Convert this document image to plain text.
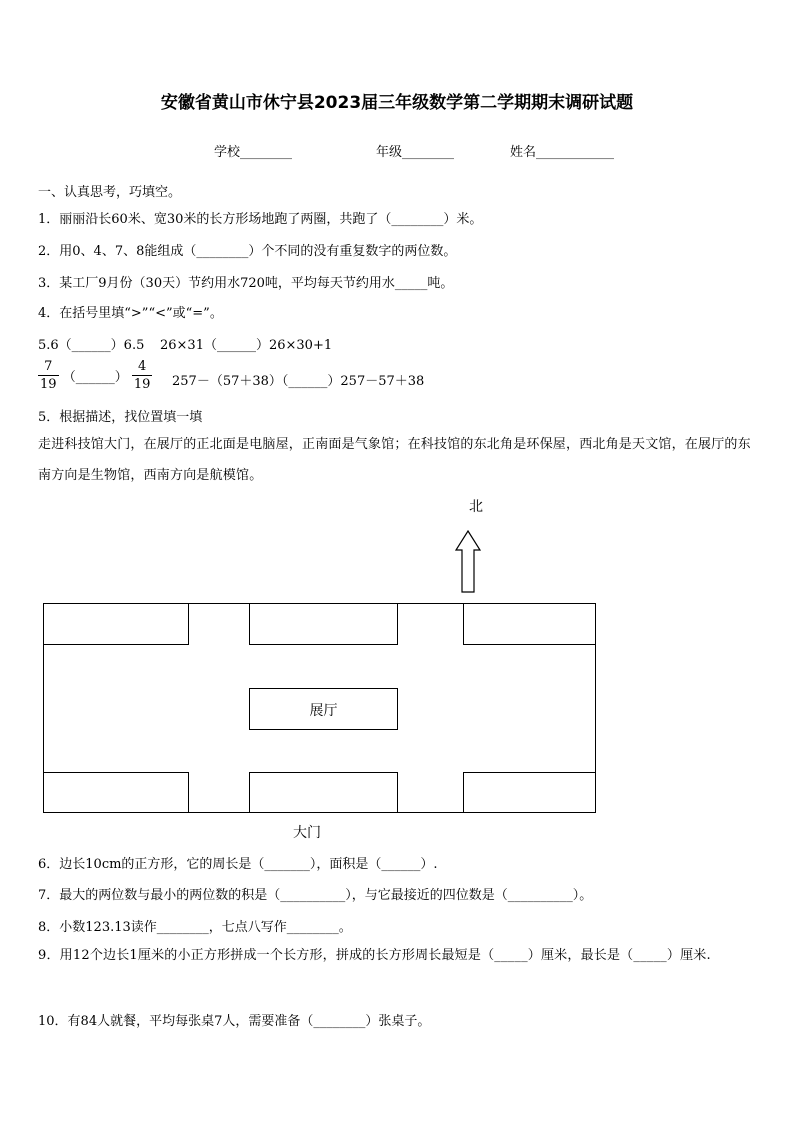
安徽省黄山市休宁县2023届三年级数学第二学期期末调研试题
学校________	年级________	姓名____________
一、认真思考，巧填空。
1．丽丽沿长60米、宽30米的长方形场地跑了两圈，共跑了（________）米。
2．用0、4、7、8能组成（________）个不同的没有重复数字的两位数。
3．某工厂9月份（30天）节约用水720吨，平均每天节约用水_____吨。
4．在括号里填“>”“<”或“=”。
5.6（______）6.5 26×31（______）26×30+1
$\frac{7}{19}$ （______） $\frac{4}{19}$ 257－（57＋38）（______）257－57＋38
5．根据描述，找位置填一填
走进科技馆大门，在展厅的正北面是电脑屋，正南面是气象馆；在科技馆的东北角是环保屋，西北角是天文馆，在展厅的东南方向是生物馆，西南方向是航模馆。
北
展厅
大门
6．边长10cm的正方形，它的周长是（_______），面积是（______）.
7．最大的两位数与最小的两位数的积是（__________），与它最接近的四位数是（__________）。
8．小数123.13读作________，七点八写作________。
9．用12个边长1厘米的小正方形拼成一个长方形，拼成的长方形周长最短是（_____）厘米，最长是（_____）厘米.
10．有84人就餐，平均每张桌7人，需要准备（________）张桌子。
